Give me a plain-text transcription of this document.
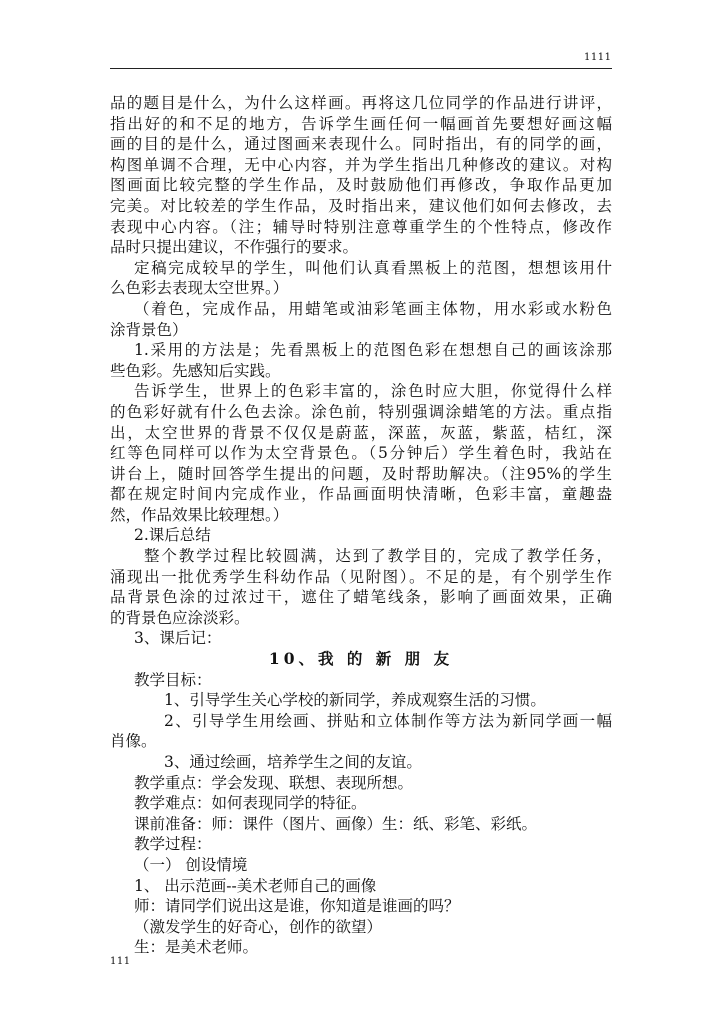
1111

品的题目是什么，为什么这样画。再将这几位同学的作品进行讲评，

指出好的和不足的地方，告诉学生画任何一幅画首先要想好画这幅

画的目的是什么，通过图画来表现什么。同时指出，有的同学的画，

构图单调不合理，无中心内容，并为学生指出几种修改的建议。对构

图画面比较完整的学生作品，及时鼓励他们再修改，争取作品更加

完美。对比较差的学生作品，及时指出来，建议他们如何去修改，去

表现中心内容。（注；辅导时特别注意尊重学生的个性特点，修改作

品时只提出建议，不作强行的要求。

定稿完成较早的学生，叫他们认真看黑板上的范图，想想该用什

么色彩去表现太空世界。）

（着色，完成作品，用蜡笔或油彩笔画主体物，用水彩或水粉色

涂背景色）

1.采用的方法是；先看黑板上的范图色彩在想想自己的画该涂那

些色彩。先感知后实践。

告诉学生，世界上的色彩丰富的，涂色时应大胆，你觉得什么样

的色彩好就有什么色去涂。涂色前，特别强调涂蜡笔的方法。重点指

出，太空世界的背景不仅仅是蔚蓝，深蓝，灰蓝，紫蓝，桔红，深

红等色同样可以作为太空背景色。（5分钟后）学生着色时，我站在

讲台上，随时回答学生提出的问题，及时帮助解决。（注95%的学生

都在规定时间内完成作业，作品画面明快清晰，色彩丰富，童趣盎

然，作品效果比较理想。）

2.课后总结

整个教学过程比较圆满，达到了教学目的，完成了教学任务，

涌现出一批优秀学生科幼作品（见附图）。不足的是，有个别学生作

品背景色涂的过浓过干，遮住了蜡笔线条，影响了画面效果，正确

的背景色应涂淡彩。

3、课后记：

10、我 的 新 朋 友

教学目标：

1、引导学生关心学校的新同学，养成观察生活的习惯。

2、引导学生用绘画、拼贴和立体制作等方法为新同学画一幅

肖像。

3、通过绘画，培养学生之间的友谊。

教学重点：学会发现、联想、表现所想。

教学难点：如何表现同学的特征。

课前准备：师：课件（图片、画像）生：纸、彩笔、彩纸。

教学过程：

（一） 创设情境

1、 出示范画--美术老师自己的画像

师：请同学们说出这是谁，你知道是谁画的吗？

（激发学生的好奇心，创作的欲望）

生：是美术老师。

111
